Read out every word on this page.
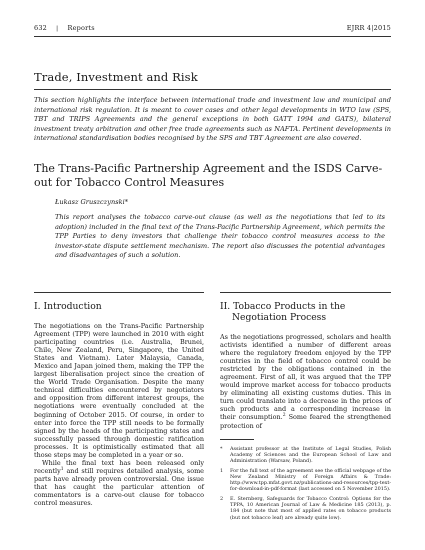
632 | Reports	EJRR 4|2015
Trade, Investment and Risk
This section highlights the interface between international trade and investment law and municipal and international risk regulation. It is meant to cover cases and other legal developments in WTO law (SPS, TBT and TRIPS Agreements and the general exceptions in both GATT 1994 and GATS), bilateral investment treaty arbitration and other free trade agreements such as NAFTA. Pertinent developments in international standardisation bodies recognised by the SPS and TBT Agreement are also covered.
The Trans-Pacific Partnership Agreement and the ISDS Carve-out for Tobacco Control Measures
Łukasz Gruszczynski*
This report analyses the tobacco carve-out clause (as well as the negotiations that led to its adoption) included in the final text of the Trans-Pacific Partnership Agreement, which permits the TPP Parties to deny investors that challenge their tobacco control measures access to the investor-state dispute settlement mechanism. The report also discusses the potential advantages and disadvantages of such a solution.
I. Introduction

The negotiations on the Trans-Pacific Partnership Agreement (TPP) were launched in 2010 with eight participating countries (i.e. Australia, Brunei, Chile, New Zealand, Peru, Singapore, the United States and Vietnam). Later Malaysia, Canada, Mexico and Japan joined them, making the TPP the largest liberalisation project since the creation of the World Trade Organisation. Despite the many technical difficulties encountered by negotiators and opposition from different interest groups, the negotiations were eventually concluded at the beginning of October 2015. Of course, in order to enter into force the TPP still needs to be formally signed by the heads of the participating states and successfully passed through domestic ratification processes. It is optimistically estimated that all those steps may be completed in a year or so.

While the final text has been released only recently$^1$ and still requires detailed analysis, some parts have already proven controversial. One issue that has caught the particular attention of commentators is a carve-out clause for tobacco control measures.

II. Tobacco Products in the Negotiation Process

As the negotiations progressed, scholars and health activists identified a number of different areas where the regulatory freedom enjoyed by the TPP countries in the field of tobacco control could be restricted by the obligations contained in the agreement. First of all, it was argued that the TPP would improve market access for tobacco products by eliminating all existing customs duties. This in turn could translate into a decrease in the prices of such products and a corresponding increase in their consumption.$^2$ Some feared the strengthened protection of

*	Assistant professor at the Institute of Legal Studies, Polish Academy of Sciences and the European School of Law and Administration (Warsaw, Poland).
1	For the full text of the agreement see the official webpage of the New Zealand Ministry of Foreign Affairs & Trade: http://www.tpp.mfat.govt.nz/publications-and-resources/tpp-text-for-download-in-pdf-format (last accessed on 5 November 2015).
2	E. Sternberg, Safeguards for Tobacco Control: Options for the TPPA, 10 American Journal of Law & Medicine 185 (2013), p. 184 (but note that most of applied rates on tobacco products (but not tobacco leaf) are already quite low).
